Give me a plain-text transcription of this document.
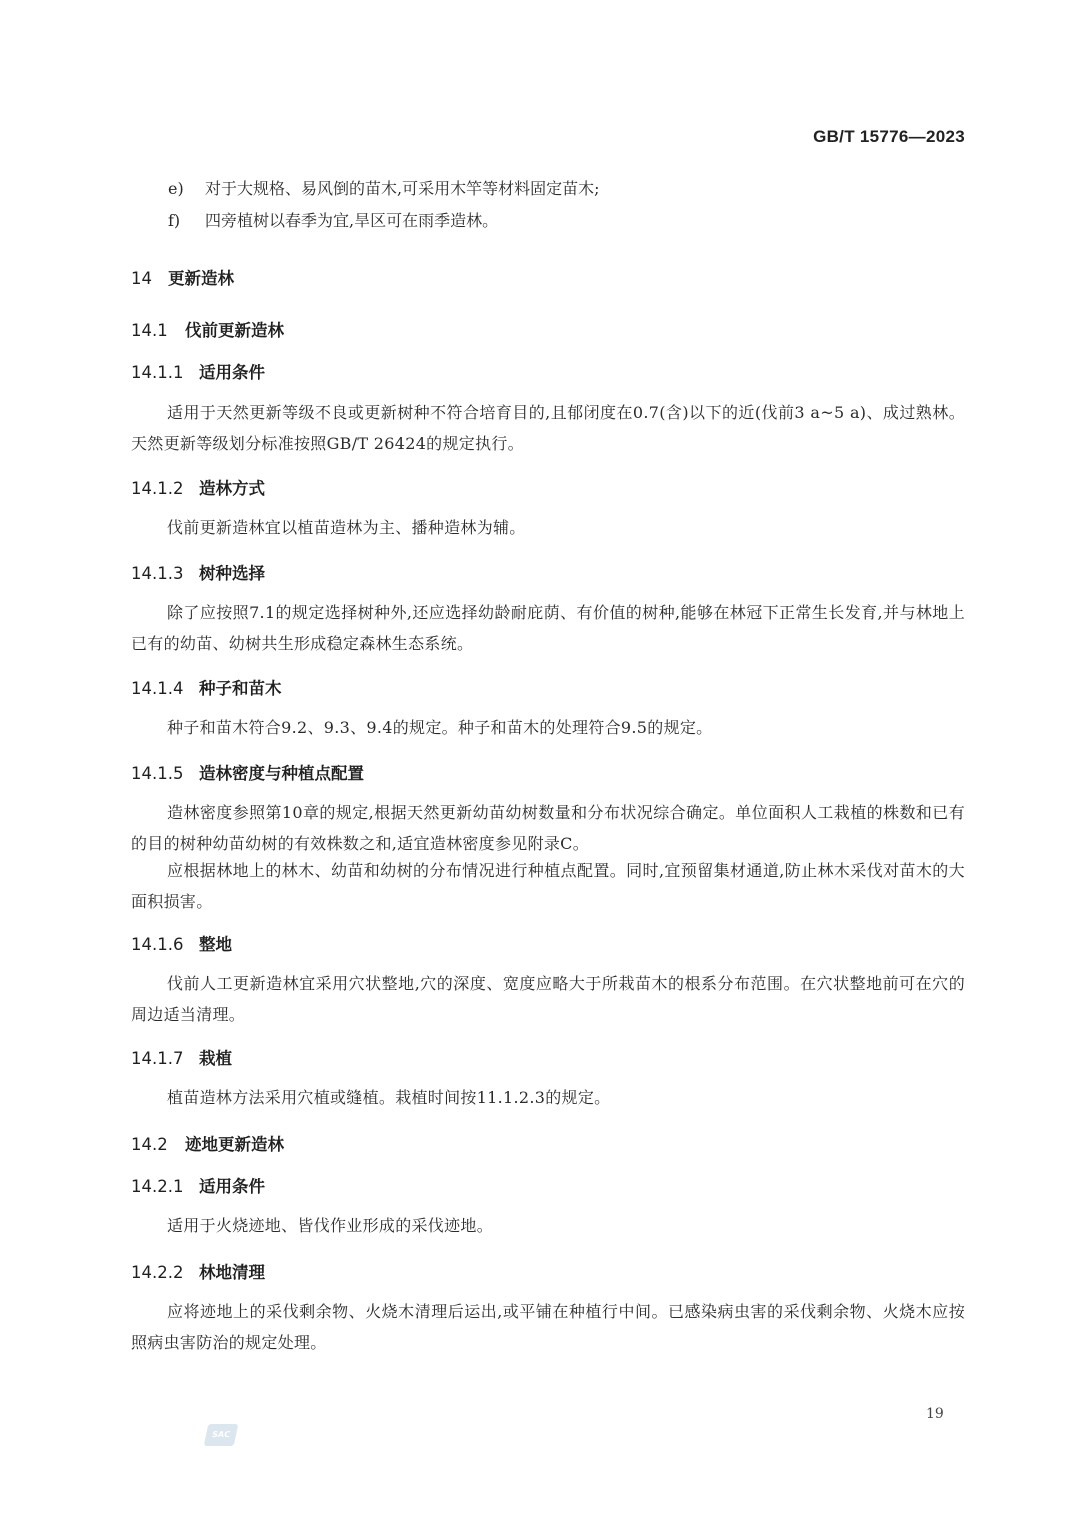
GB/T 15776—2023
e) 对于大规格、易风倒的苗木,可采用木竿等材料固定苗木;
f) 四旁植树以春季为宜,旱区可在雨季造林。
14 更新造林
14.1 伐前更新造林
14.1.1 适用条件
适用于天然更新等级不良或更新树种不符合培育目的,且郁闭度在0.7(含)以下的近(伐前3 a~5 a)、成过熟林。天然更新等级划分标准按照GB/T 26424的规定执行。
14.1.2 造林方式
伐前更新造林宜以植苗造林为主、播种造林为辅。
14.1.3 树种选择
除了应按照7.1的规定选择树种外,还应选择幼龄耐庇荫、有价值的树种,能够在林冠下正常生长发育,并与林地上已有的幼苗、幼树共生形成稳定森林生态系统。
14.1.4 种子和苗木
种子和苗木符合9.2、9.3、9.4的规定。种子和苗木的处理符合9.5的规定。
14.1.5 造林密度与种植点配置
造林密度参照第10章的规定,根据天然更新幼苗幼树数量和分布状况综合确定。单位面积人工栽植的株数和已有的目的树种幼苗幼树的有效株数之和,适宜造林密度参见附录C。
应根据林地上的林木、幼苗和幼树的分布情况进行种植点配置。同时,宜预留集材通道,防止林木采伐对苗木的大面积损害。
14.1.6 整地
伐前人工更新造林宜采用穴状整地,穴的深度、宽度应略大于所栽苗木的根系分布范围。在穴状整地前可在穴的周边适当清理。
14.1.7 栽植
植苗造林方法采用穴植或缝植。栽植时间按11.1.2.3的规定。
14.2 迹地更新造林
14.2.1 适用条件
适用于火烧迹地、皆伐作业形成的采伐迹地。
14.2.2 林地清理
应将迹地上的采伐剩余物、火烧木清理后运出,或平铺在种植行中间。已感染病虫害的采伐剩余物、火烧木应按照病虫害防治的规定处理。
19
SAC
